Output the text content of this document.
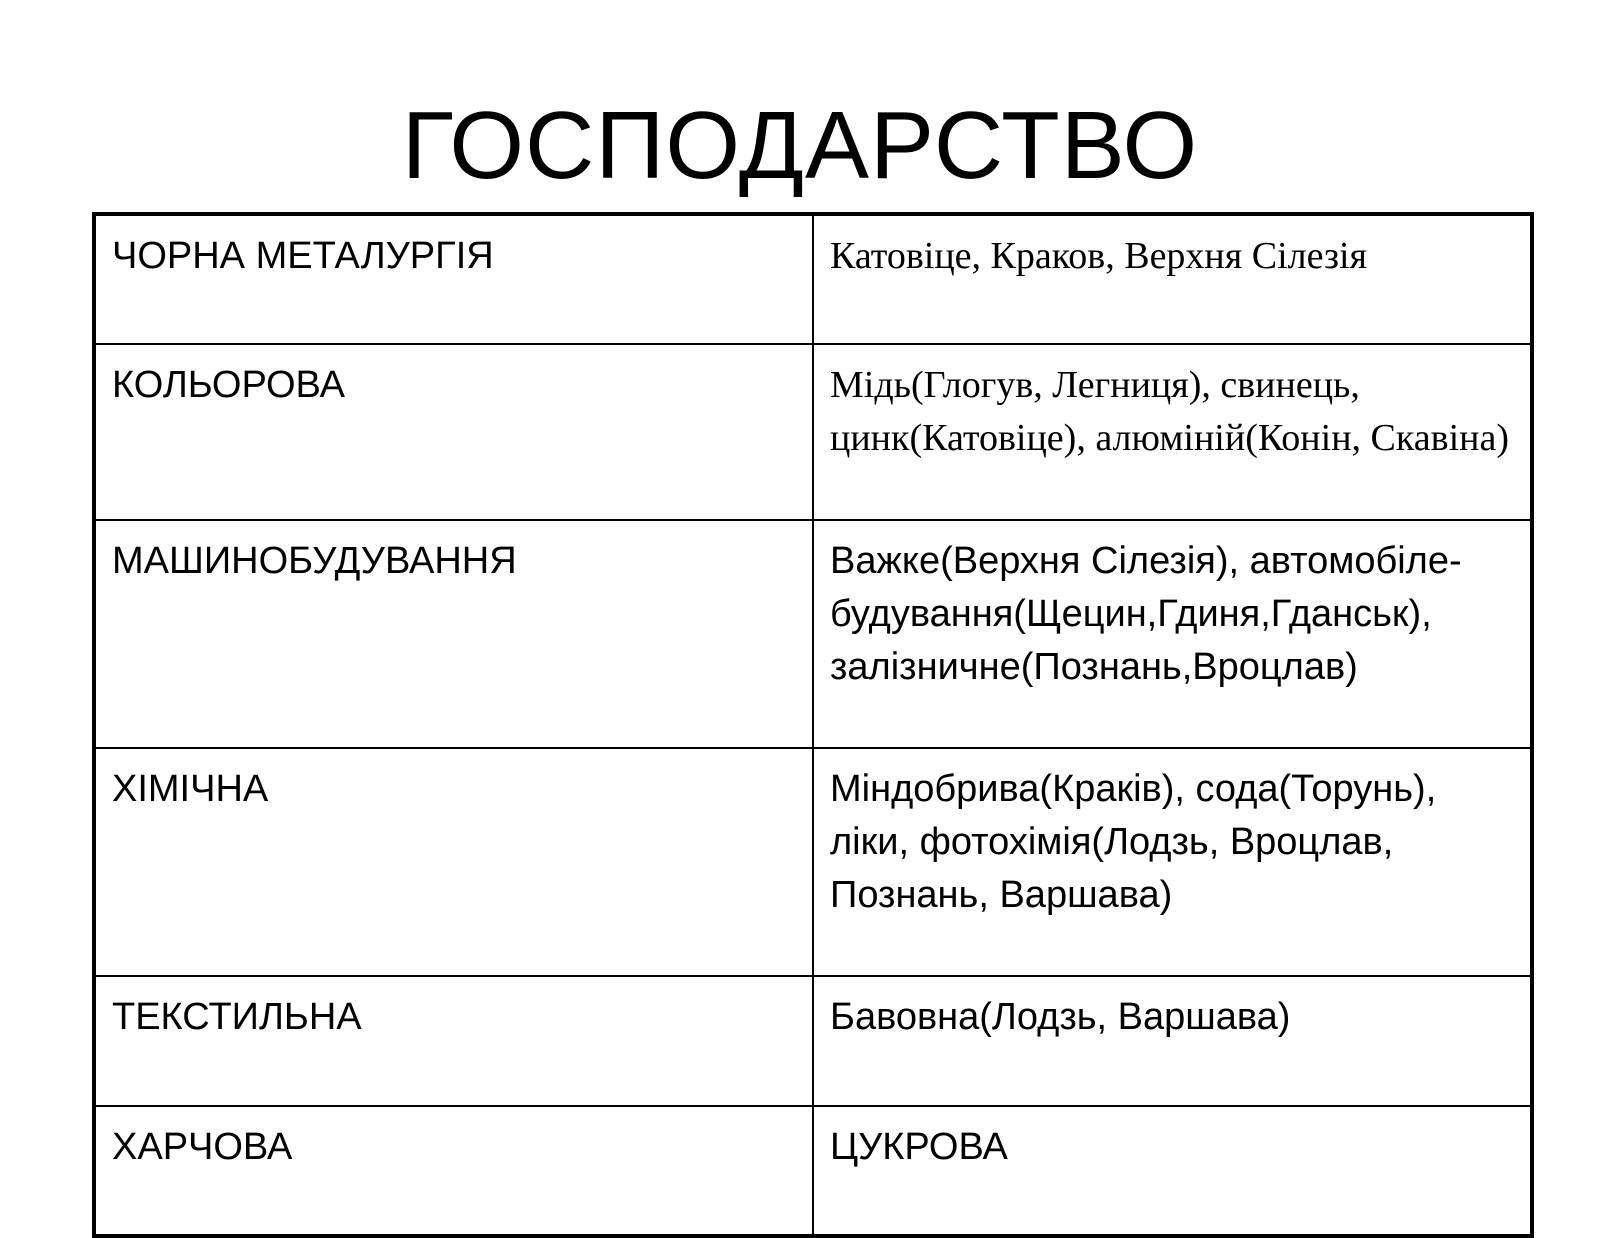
ГОСПОДАРСТВО
ЧОРНА МЕТАЛУРГІЯ	Катовіце, Краков, Верхня Сілезія
КОЛЬОРОВА	Мідь(Глогув, Легниця), свинець, цинк(Катовіце), алюміній(Конін, Скавіна)
МАШИНОБУДУВАННЯ	Важке(Верхня Сілезія), автомобіле-будування(Щецин,Гдиня,Гданськ), залізничне(Познань,Вроцлав)
ХІМІЧНА	Міндобрива(Краків), сода(Торунь), ліки, фотохімія(Лодзь, Вроцлав, Познань, Варшава)
ТЕКСТИЛЬНА	Бавовна(Лодзь, Варшава)
ХАРЧОВА	ЦУКРОВА
